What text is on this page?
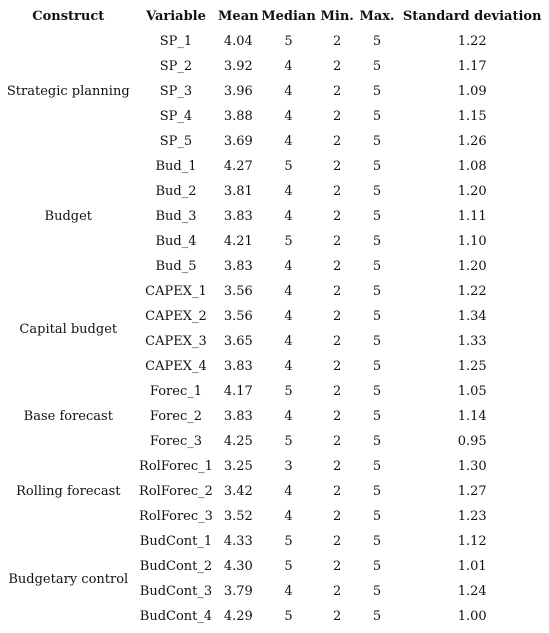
Construct	Variable	Mean	Median	Min.	Max.	Standard deviation
Strategic planning	SP_1	4.04	5	2	5	1.22
	SP_2	3.92	4	2	5	1.17
	SP_3	3.96	4	2	5	1.09
	SP_4	3.88	4	2	5	1.15
	SP_5	3.69	4	2	5	1.26
Budget	Bud_1	4.27	5	2	5	1.08
	Bud_2	3.81	4	2	5	1.20
	Bud_3	3.83	4	2	5	1.11
	Bud_4	4.21	5	2	5	1.10
	Bud_5	3.83	4	2	5	1.20
Capital budget	CAPEX_1	3.56	4	2	5	1.22
	CAPEX_2	3.56	4	2	5	1.34
	CAPEX_3	3.65	4	2	5	1.33
	CAPEX_4	3.83	4	2	5	1.25
Base forecast	Forec_1	4.17	5	2	5	1.05
	Forec_2	3.83	4	2	5	1.14
	Forec_3	4.25	5	2	5	0.95
Rolling forecast	RolForec_1	3.25	3	2	5	1.30
	RolForec_2	3.42	4	2	5	1.27
	RolForec_3	3.52	4	2	5	1.23
Budgetary control	BudCont_1	4.33	5	2	5	1.12
	BudCont_2	4.30	5	2	5	1.01
	BudCont_3	3.79	4	2	5	1.24
	BudCont_4	4.29	5	2	5	1.00
